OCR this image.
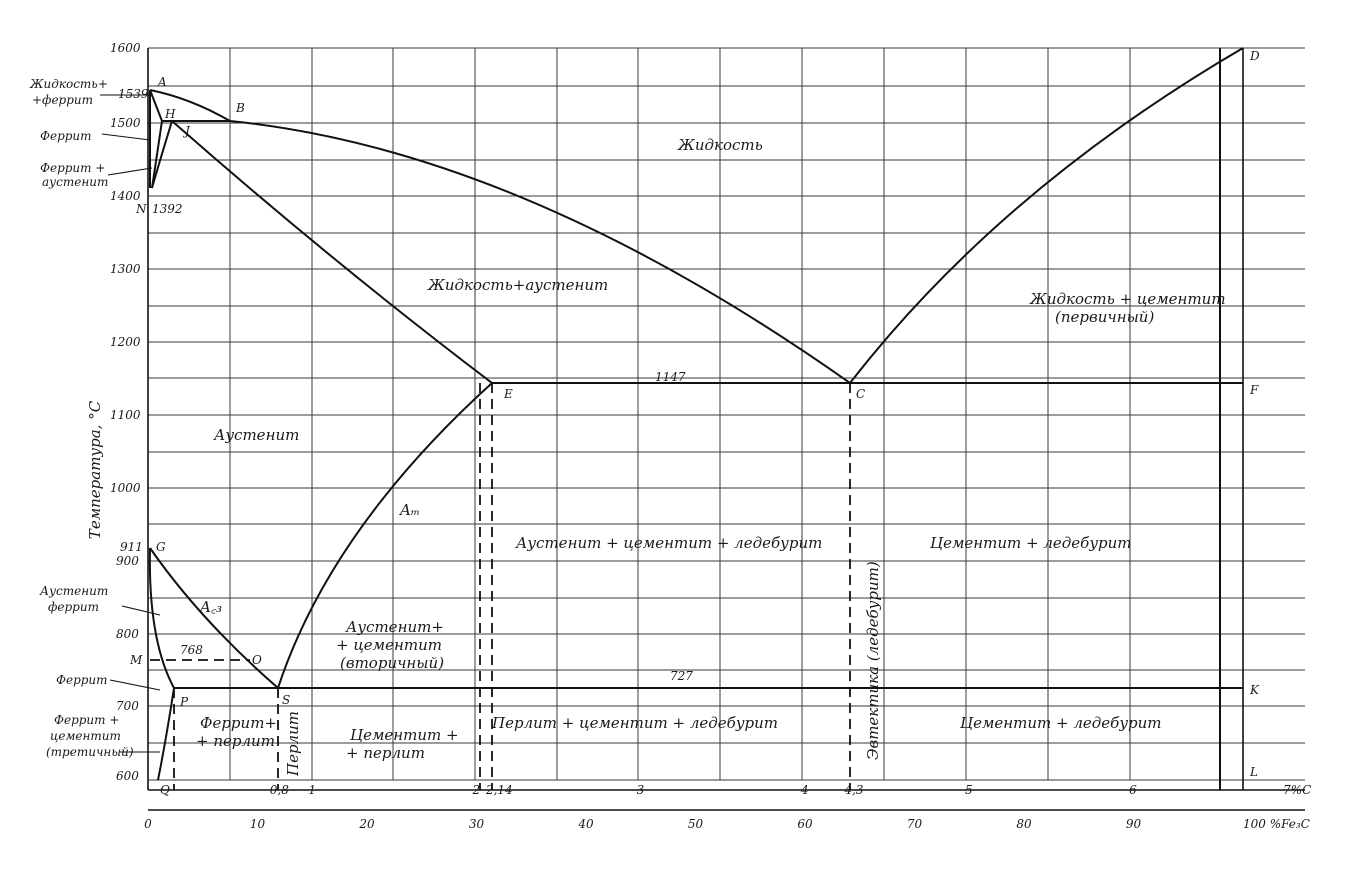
1600
1500
1400
1300
1200
1100
1000
900
800
700
600
Температура, °C
0,8 1	2 2,14	3	4	4,3	5	6	7%C
0	10	20	30	40	50	60	70	80	90	100 %Fe₃C
A
B
H
J
N
D
E	C	F
G
S
P
K
L
M	O
Q
1539
1392
1147
727
768
911
Жидкость
Жидкость+аустенит
Жидкость + цементит
(первичный)
Аустенит
Аустенит + цементит + ледебурит	Цементит + ледебурит
Аустенит+
+ цементит
(вторичный)
Перлит + цементит + ледебурит	Цементит + ледебурит
Феррит+
+ перлит	Цементит +
+ перлит
Перлит	Эвтектика (ледебурит)
Aₘ
A꜀₃
Жидкость+
+феррит
Феррит
Феррит +
аустенит
Аустенит
феррит
Феррит
Феррит +
цементит
(третичный)
